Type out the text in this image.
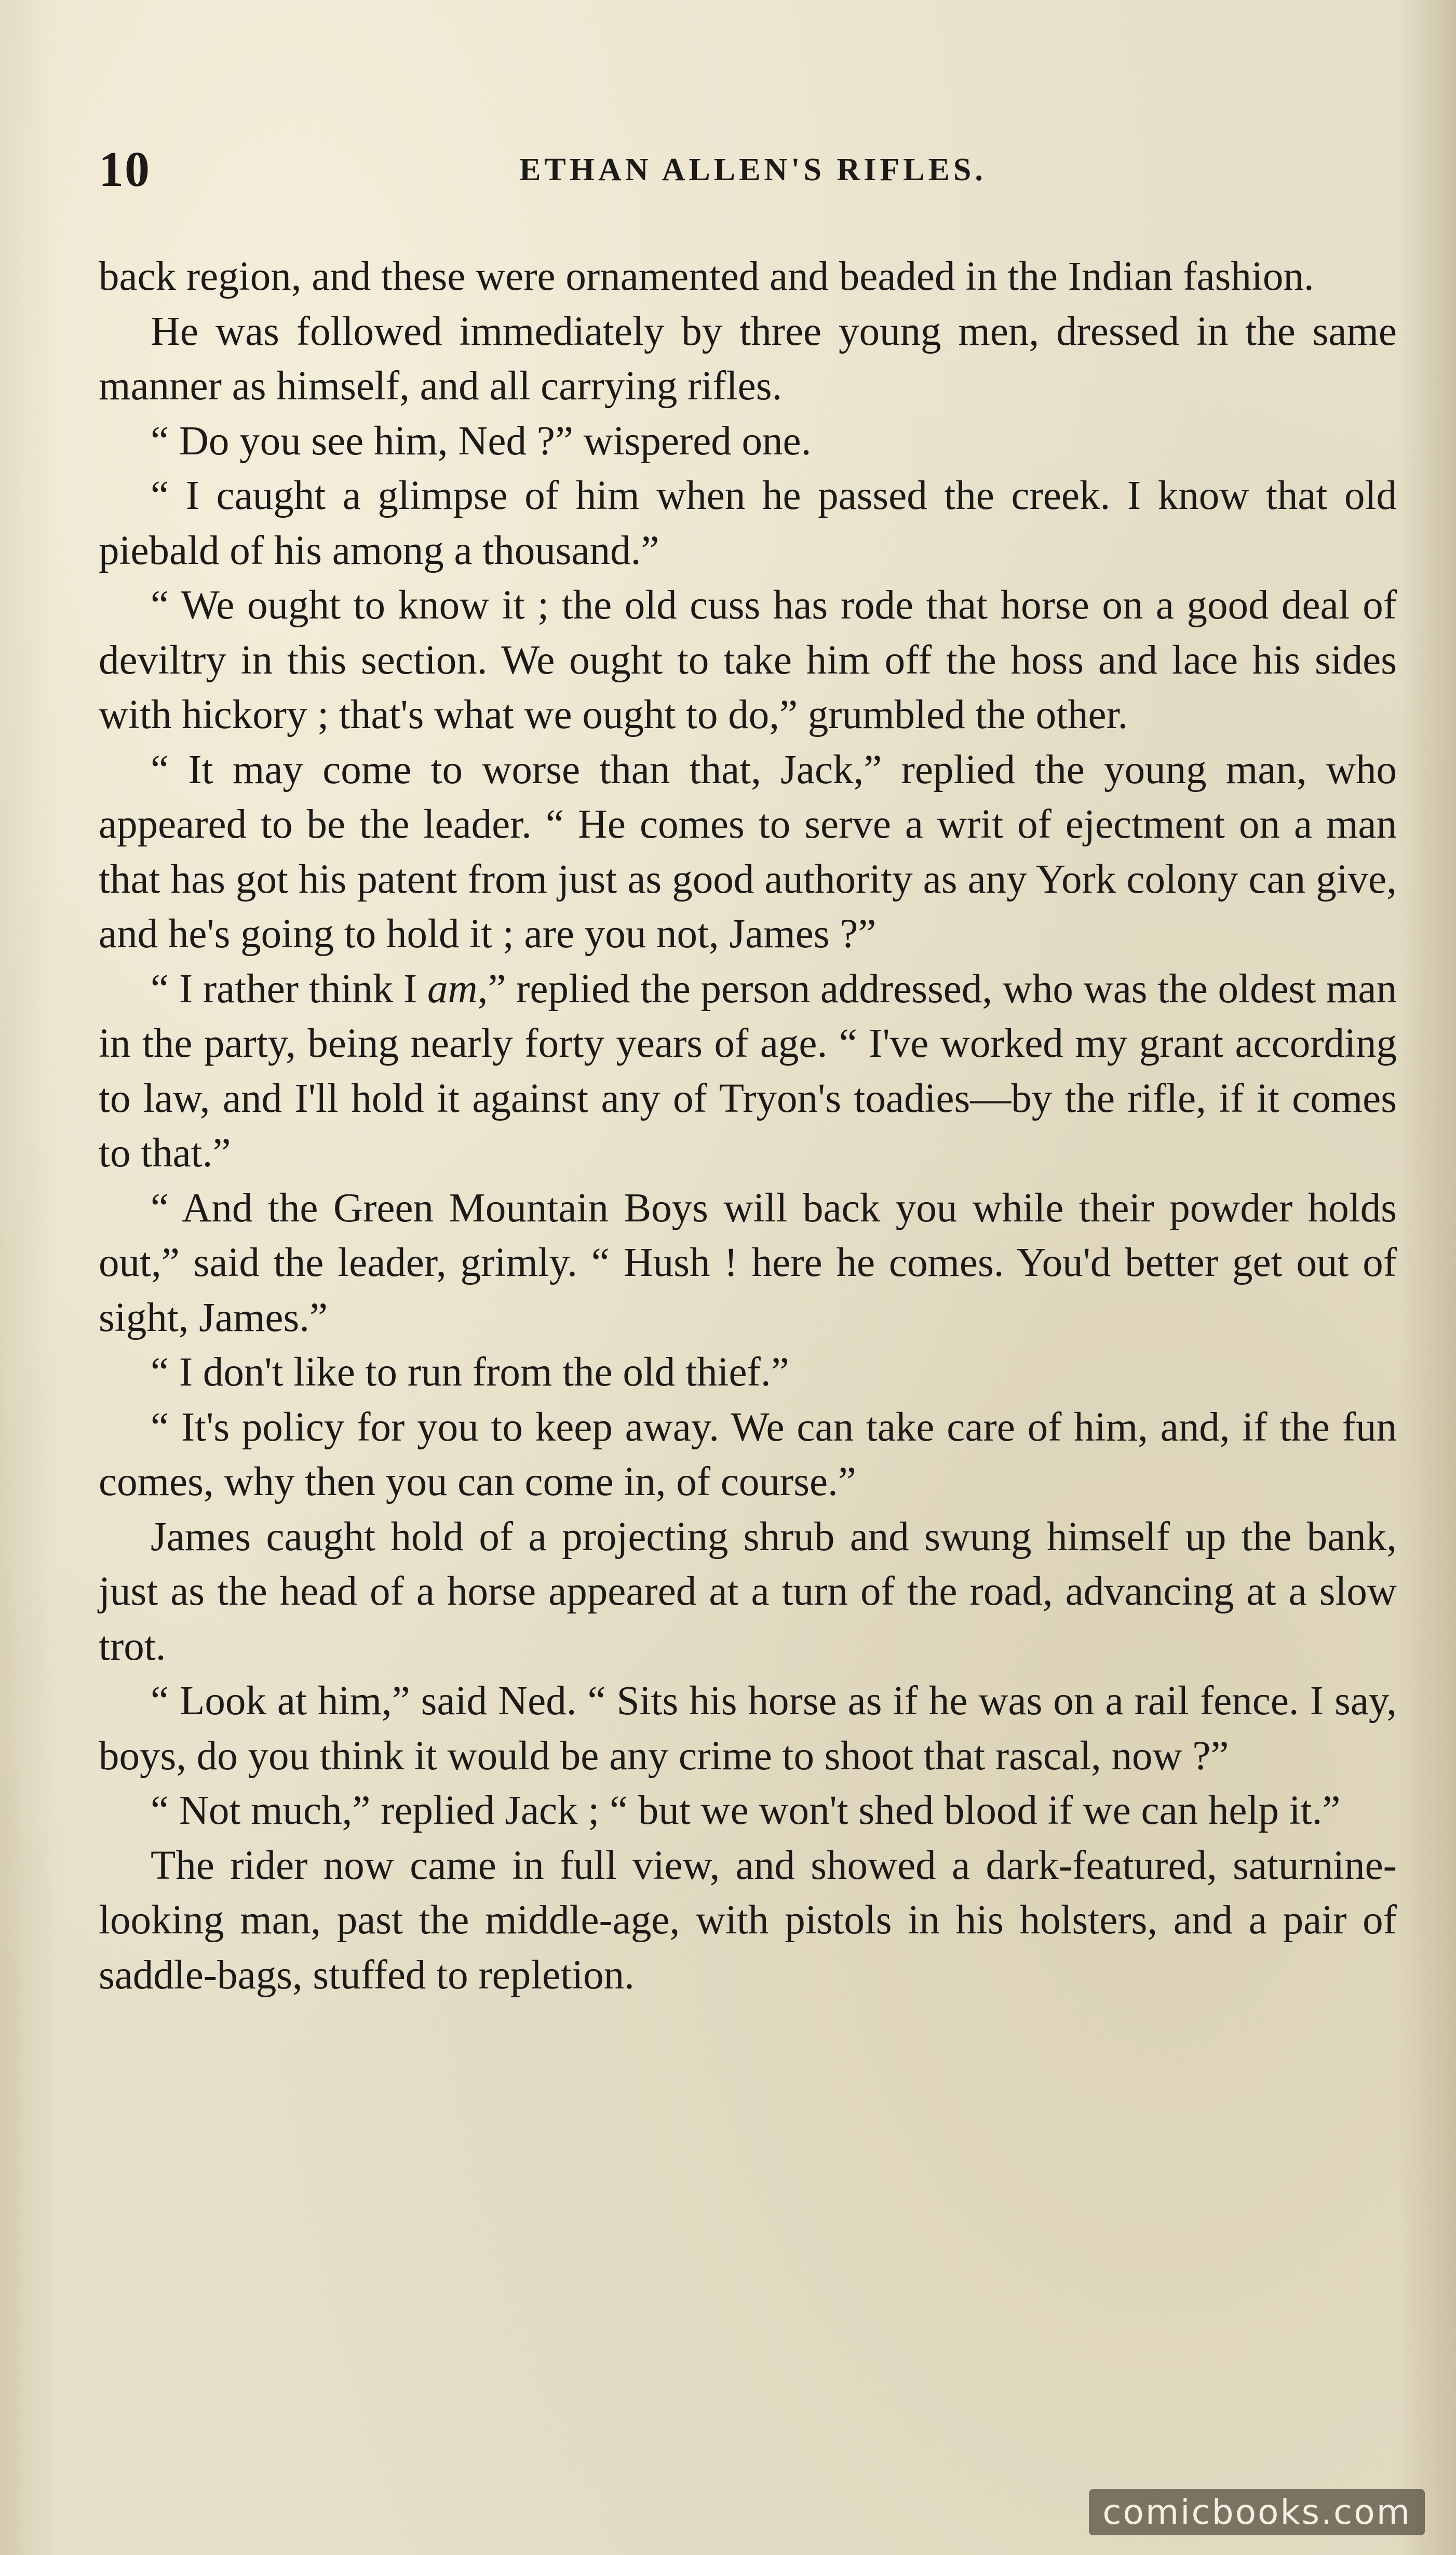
10	ETHAN ALLEN'S RIFLES.

back region, and these were ornamented and beaded in the Indian fashion.

He was followed immediately by three young men, dressed in the same manner as himself, and all carrying rifles.

“ Do you see him, Ned ?” wispered one.

“ I caught a glimpse of him when he passed the creek. I know that old piebald of his among a thousand.”

“ We ought to know it ; the old cuss has rode that horse on a good deal of deviltry in this section. We ought to take him off the hoss and lace his sides with hickory ; that's what we ought to do,” grumbled the other.

“ It may come to worse than that, Jack,” replied the young man, who appeared to be the leader. “ He comes to serve a writ of ejectment on a man that has got his patent from just as good authority as any York colony can give, and he's going to hold it ; are you not, James ?”

“ I rather think I am,” replied the person addressed, who was the oldest man in the party, being nearly forty years of age. “ I've worked my grant according to law, and I'll hold it against any of Tryon's toadies—by the rifle, if it comes to that.”

“ And the Green Mountain Boys will back you while their powder holds out,” said the leader, grimly. “ Hush ! here he comes. You'd better get out of sight, James.”

“ I don't like to run from the old thief.”

“ It's policy for you to keep away. We can take care of him, and, if the fun comes, why then you can come in, of course.”

James caught hold of a projecting shrub and swung himself up the bank, just as the head of a horse appeared at a turn of the road, advancing at a slow trot.

“ Look at him,” said Ned. “ Sits his horse as if he was on a rail fence. I say, boys, do you think it would be any crime to shoot that rascal, now ?”

“ Not much,” replied Jack ; “ but we won't shed blood if we can help it.”

The rider now came in full view, and showed a dark-featured, saturnine-looking man, past the middle-age, with pistols in his holsters, and a pair of saddle-bags, stuffed to repletion.

comicbooks.com
